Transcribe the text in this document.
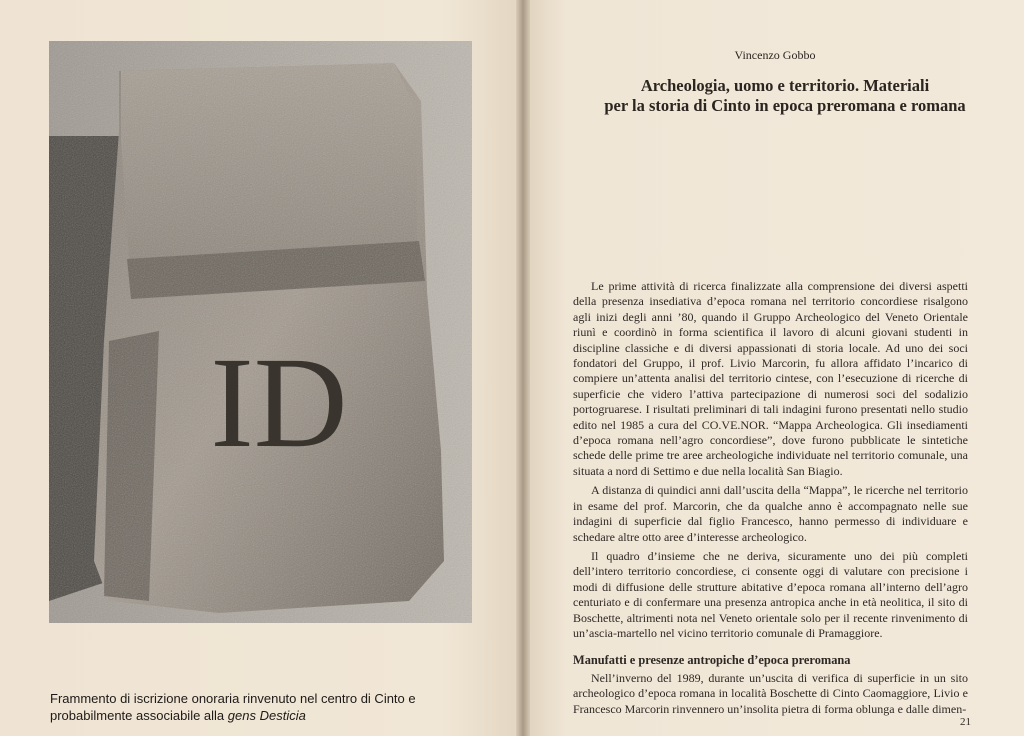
ID
Frammento di iscrizione onoraria rinvenuto nel centro di Cinto e probabilmente associabile alla gens Desticia
Vincenzo Gobbo
Archeologia, uomo e territorio. Materiali
per la storia di Cinto in epoca preromana e romana

Le prime attività di ricerca finalizzate alla comprensione dei diversi aspetti della presenza insediativa d’epoca romana nel territorio concordiese risalgono agli inizi degli anni ’80, quando il Gruppo Archeologico del Veneto Orientale riunì e coordinò in forma scientifica il lavoro di alcuni giovani studenti in discipline classiche e di diversi appassionati di storia locale. Ad uno dei soci fondatori del Gruppo, il prof. Livio Marcorin, fu allora affidato l’incarico di compiere un’attenta analisi del territorio cintese, con l’esecuzione di ricerche di superficie che videro l’attiva partecipazione di numerosi soci del sodalizio portogruarese. I risultati preliminari di tali indagini furono presentati nello studio edito nel 1985 a cura del CO.VE.NOR. “Mappa Archeologica. Gli insediamenti d’epoca romana nell’agro concordiese”, dove furono pubblicate le sintetiche schede delle prime tre aree archeologiche individuate nel territorio comunale, una situata a nord di Settimo e due nella località San Biagio.

A distanza di quindici anni dall’uscita della “Mappa”, le ricerche nel territorio in esame del prof. Marcorin, che da qualche anno è accompagnato nelle sue indagini di superficie dal figlio Francesco, hanno permesso di individuare e schedare altre otto aree d’interesse archeologico.

Il quadro d’insieme che ne deriva, sicuramente uno dei più completi dell’intero territorio concordiese, ci consente oggi di valutare con precisione i modi di diffusione delle strutture abitative d’epoca romana all’interno dell’agro centuriato e di confermare una presenza antropica anche in età neolitica, il sito di Boschette, altrimenti nota nel Veneto orientale solo per il recente rinvenimento di un’ascia-martello nel vicino territorio comunale di Pramaggiore.

Manufatti e presenze antropiche d’epoca preromana

Nell’inverno del 1989, durante un’uscita di verifica di superficie in un sito archeologico d’epoca romana in località Boschette di Cinto Caomaggiore, Livio e Francesco Marcorin rinvennero un’insolita pietra di forma oblunga e dalle dimen-

21
